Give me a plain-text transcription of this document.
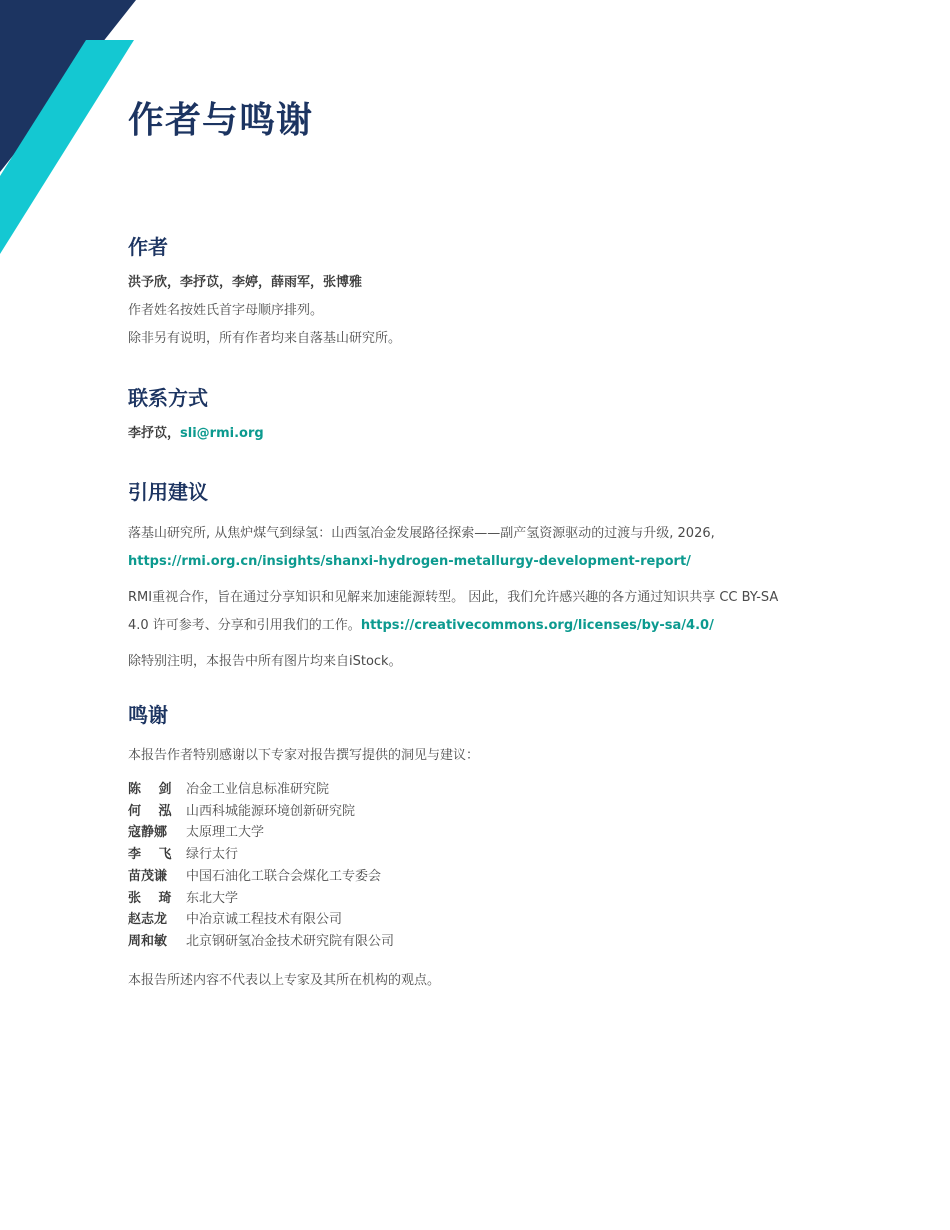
作者与鸣谢
作者

洪予欣，李抒苡，李婷，薛雨军，张博雅

作者姓名按姓氏首字母顺序排列。

除非另有说明，所有作者均来自落基山研究所。

联系方式

李抒苡，sli@rmi.org

引用建议

落基山研究所, 从焦炉煤气到绿氢：山西氢冶金发展路径探索——副产氢资源驱动的过渡与升级, 2026,

https://rmi.org.cn/insights/shanxi-hydrogen-metallurgy-development-report/

RMI重视合作，旨在通过分享知识和见解来加速能源转型。 因此，我们允许感兴趣的各方通过知识共享 CC BY-SA

4.0 许可参考、分享和引用我们的工作。https://creativecommons.org/licenses/by-sa/4.0/

除特别注明，本报告中所有图片均来自iStock。

鸣谢

本报告作者特别感谢以下专家对报告撰写提供的洞见与建议：

陈　 剑	冶金工业信息标准研究院
何　 泓	山西科城能源环境创新研究院
寇静娜	太原理工大学
李　 飞	绿行太行
苗茂谦	中国石油化工联合会煤化工专委会
张　 琦	东北大学
赵志龙	中冶京诚工程技术有限公司
周和敏	北京钢研氢冶金技术研究院有限公司

本报告所述内容不代表以上专家及其所在机构的观点。
